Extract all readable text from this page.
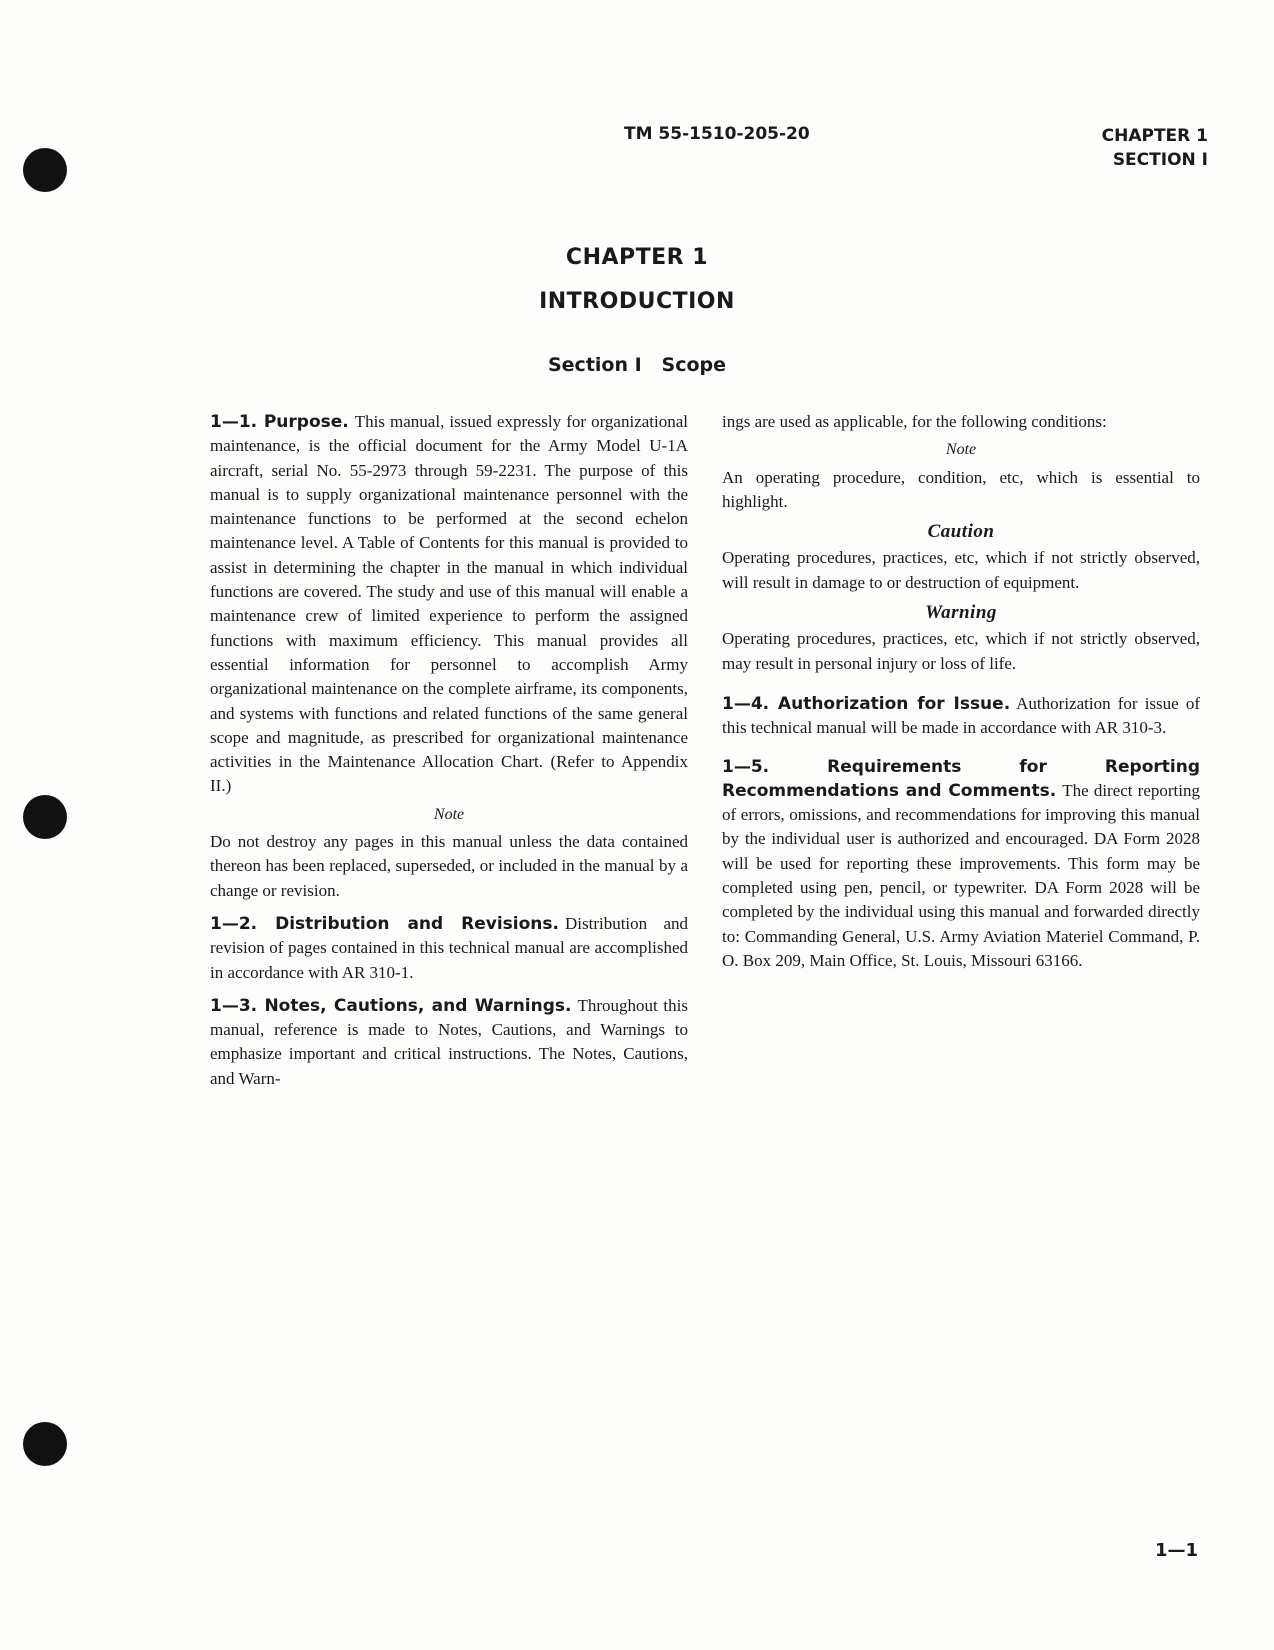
TM 55-1510-205-20	CHAPTER 1
SECTION I
CHAPTER 1
INTRODUCTION
Section I   Scope

1—1. Purpose. This manual, issued expressly for organizational maintenance, is the official document for the Army Model U-1A aircraft, serial No. 55-2973 through 59-2231. The purpose of this manual is to supply organizational maintenance personnel with the maintenance functions to be performed at the second echelon maintenance level. A Table of Contents for this manual is provided to assist in determining the chapter in the manual in which individual functions are covered. The study and use of this manual will enable a maintenance crew of limited experience to perform the assigned functions with maximum efficiency. This manual provides all essential information for personnel to accomplish Army organizational maintenance on the complete airframe, its components, and systems with functions and related functions of the same general scope and magnitude, as prescribed for organizational maintenance activities in the Maintenance Allocation Chart. (Refer to Appendix II.)

Note

Do not destroy any pages in this manual unless the data contained thereon has been replaced, superseded, or included in the manual by a change or revision.

1—2. Distribution and Revisions. Distribution and revision of pages contained in this technical manual are accomplished in accordance with AR 310-1.

1—3. Notes, Cautions, and Warnings. Throughout this manual, reference is made to Notes, Cautions, and Warnings to emphasize important and critical instructions. The Notes, Cautions, and Warn-

ings are used as applicable, for the following conditions:

Note

An operating procedure, condition, etc, which is essential to highlight.

Caution

Operating procedures, practices, etc, which if not strictly observed, will result in damage to or destruction of equipment.

Warning

Operating procedures, practices, etc, which if not strictly observed, may result in personal injury or loss of life.

1—4. Authorization for Issue. Authorization for issue of this technical manual will be made in accordance with AR 310-3.

1—5. Requirements for Reporting Recommendations and Comments. The direct reporting of errors, omissions, and recommendations for improving this manual by the individual user is authorized and encouraged. DA Form 2028 will be used for reporting these improvements. This form may be completed using pen, pencil, or typewriter. DA Form 2028 will be completed by the individual using this manual and forwarded directly to: Commanding General, U.S. Army Aviation Materiel Command, P. O. Box 209, Main Office, St. Louis, Missouri 63166.

1—1
